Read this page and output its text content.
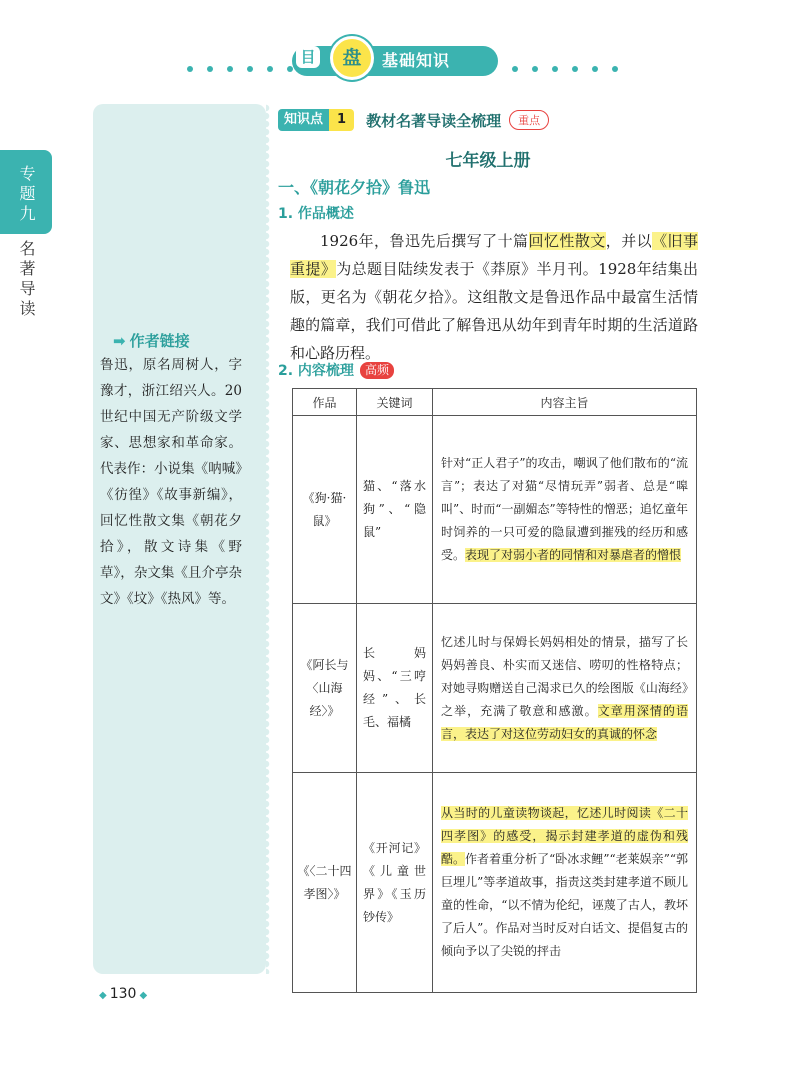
目	盘	基础知识
专题九
名著导读
➡ 作者链接
鲁迅，原名周树人，字豫才，浙江绍兴人。20世纪中国无产阶级文学家、思想家和革命家。代表作：小说集《呐喊》《彷徨》《故事新编》，回忆性散文集《朝花夕拾》，散文诗集《野草》，杂文集《且介亭杂文》《坟》《热风》等。
知识点	1	教材名著导读全梳理	重点
七年级上册
一、《朝花夕拾》鲁迅
1. 作品概述
1926年，鲁迅先后撰写了十篇回忆性散文，并以《旧事重提》为总题目陆续发表于《莽原》半月刊。1928年结集出版，更名为《朝花夕拾》。这组散文是鲁迅作品中最富生活情趣的篇章，我们可借此了解鲁迅从幼年到青年时期的生活道路和心路历程。
2. 内容梳理 高频
作品	关键词	内容主旨
《狗·猫·鼠》	猫、“落水狗”、“隐鼠”	针对“正人君子”的攻击，嘲讽了他们散布的“流言”；表达了对猫“尽情玩弄”弱者、总是“嗥叫”、时而“一副媚态”等特性的憎恶；追忆童年时饲养的一只可爱的隐鼠遭到摧残的经历和感受。表现了对弱小者的同情和对暴虐者的憎恨
《阿长与〈山海经〉》	长妈妈、“三哼经”、长毛、福橘	忆述儿时与保姆长妈妈相处的情景，描写了长妈妈善良、朴实而又迷信、唠叨的性格特点；对她寻购赠送自己渴求已久的绘图版《山海经》之举，充满了敬意和感激。文章用深情的语言，表达了对这位劳动妇女的真诚的怀念
《〈二十四孝图〉》	《开河记》《儿童世界》《玉历钞传》	从当时的儿童读物谈起，忆述儿时阅读《二十四孝图》的感受，揭示封建孝道的虚伪和残酷。作者着重分析了“卧冰求鲤”“老莱娱亲”“郭巨埋儿”等孝道故事，指责这类封建孝道不顾儿童的性命，“以不情为伦纪，诬蔑了古人，教坏了后人”。作品对当时反对白话文、提倡复古的倾向予以了尖锐的抨击
◆ 130 ◆
